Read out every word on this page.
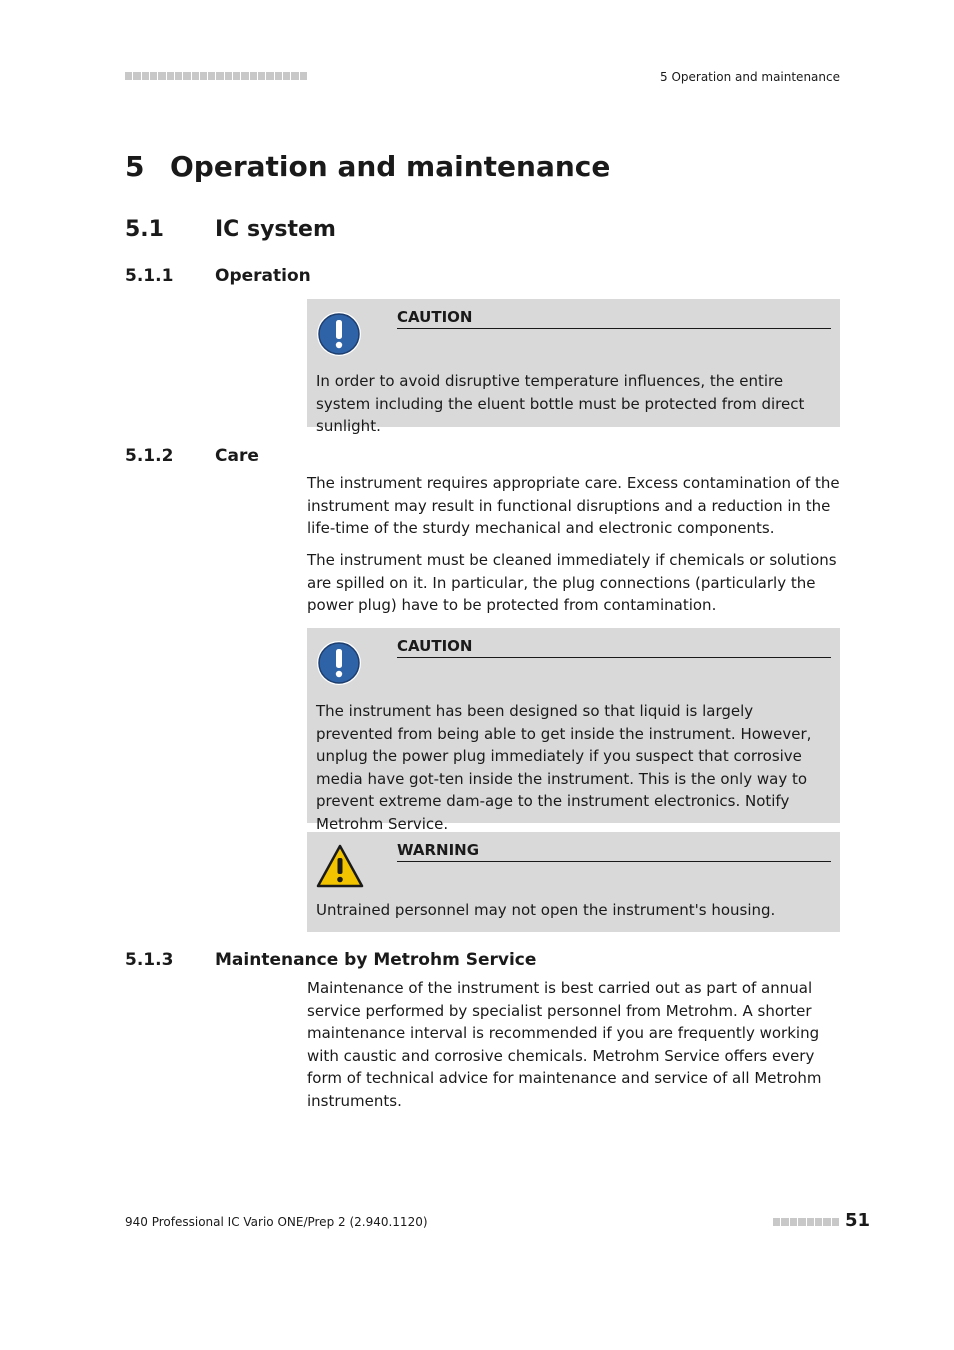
5 Operation and maintenance
5 Operation and maintenance
5.1 IC system
5.1.1 Operation
CAUTION
In order to avoid disruptive temperature influences, the entire system including the eluent bottle must be protected from direct sunlight.
5.1.2 Care

The instrument requires appropriate care. Excess contamination of the instrument may result in functional disruptions and a reduction in the life-time of the sturdy mechanical and electronic components.

The instrument must be cleaned immediately if chemicals or solutions are spilled on it. In particular, the plug connections (particularly the power plug) have to be protected from contamination.

CAUTION
The instrument has been designed so that liquid is largely prevented from being able to get inside the instrument. However, unplug the power plug immediately if you suspect that corrosive media have got-ten inside the instrument. This is the only way to prevent extreme dam-age to the instrument electronics. Notify Metrohm Service.
WARNING
Untrained personnel may not open the instrument's housing.
5.1.3 Maintenance by Metrohm Service

Maintenance of the instrument is best carried out as part of annual service performed by specialist personnel from Metrohm. A shorter maintenance interval is recommended if you are frequently working with caustic and corrosive chemicals. Metrohm Service offers every form of technical advice for maintenance and service of all Metrohm instruments.

940 Professional IC Vario ONE/Prep 2 (2.940.1120)	51
